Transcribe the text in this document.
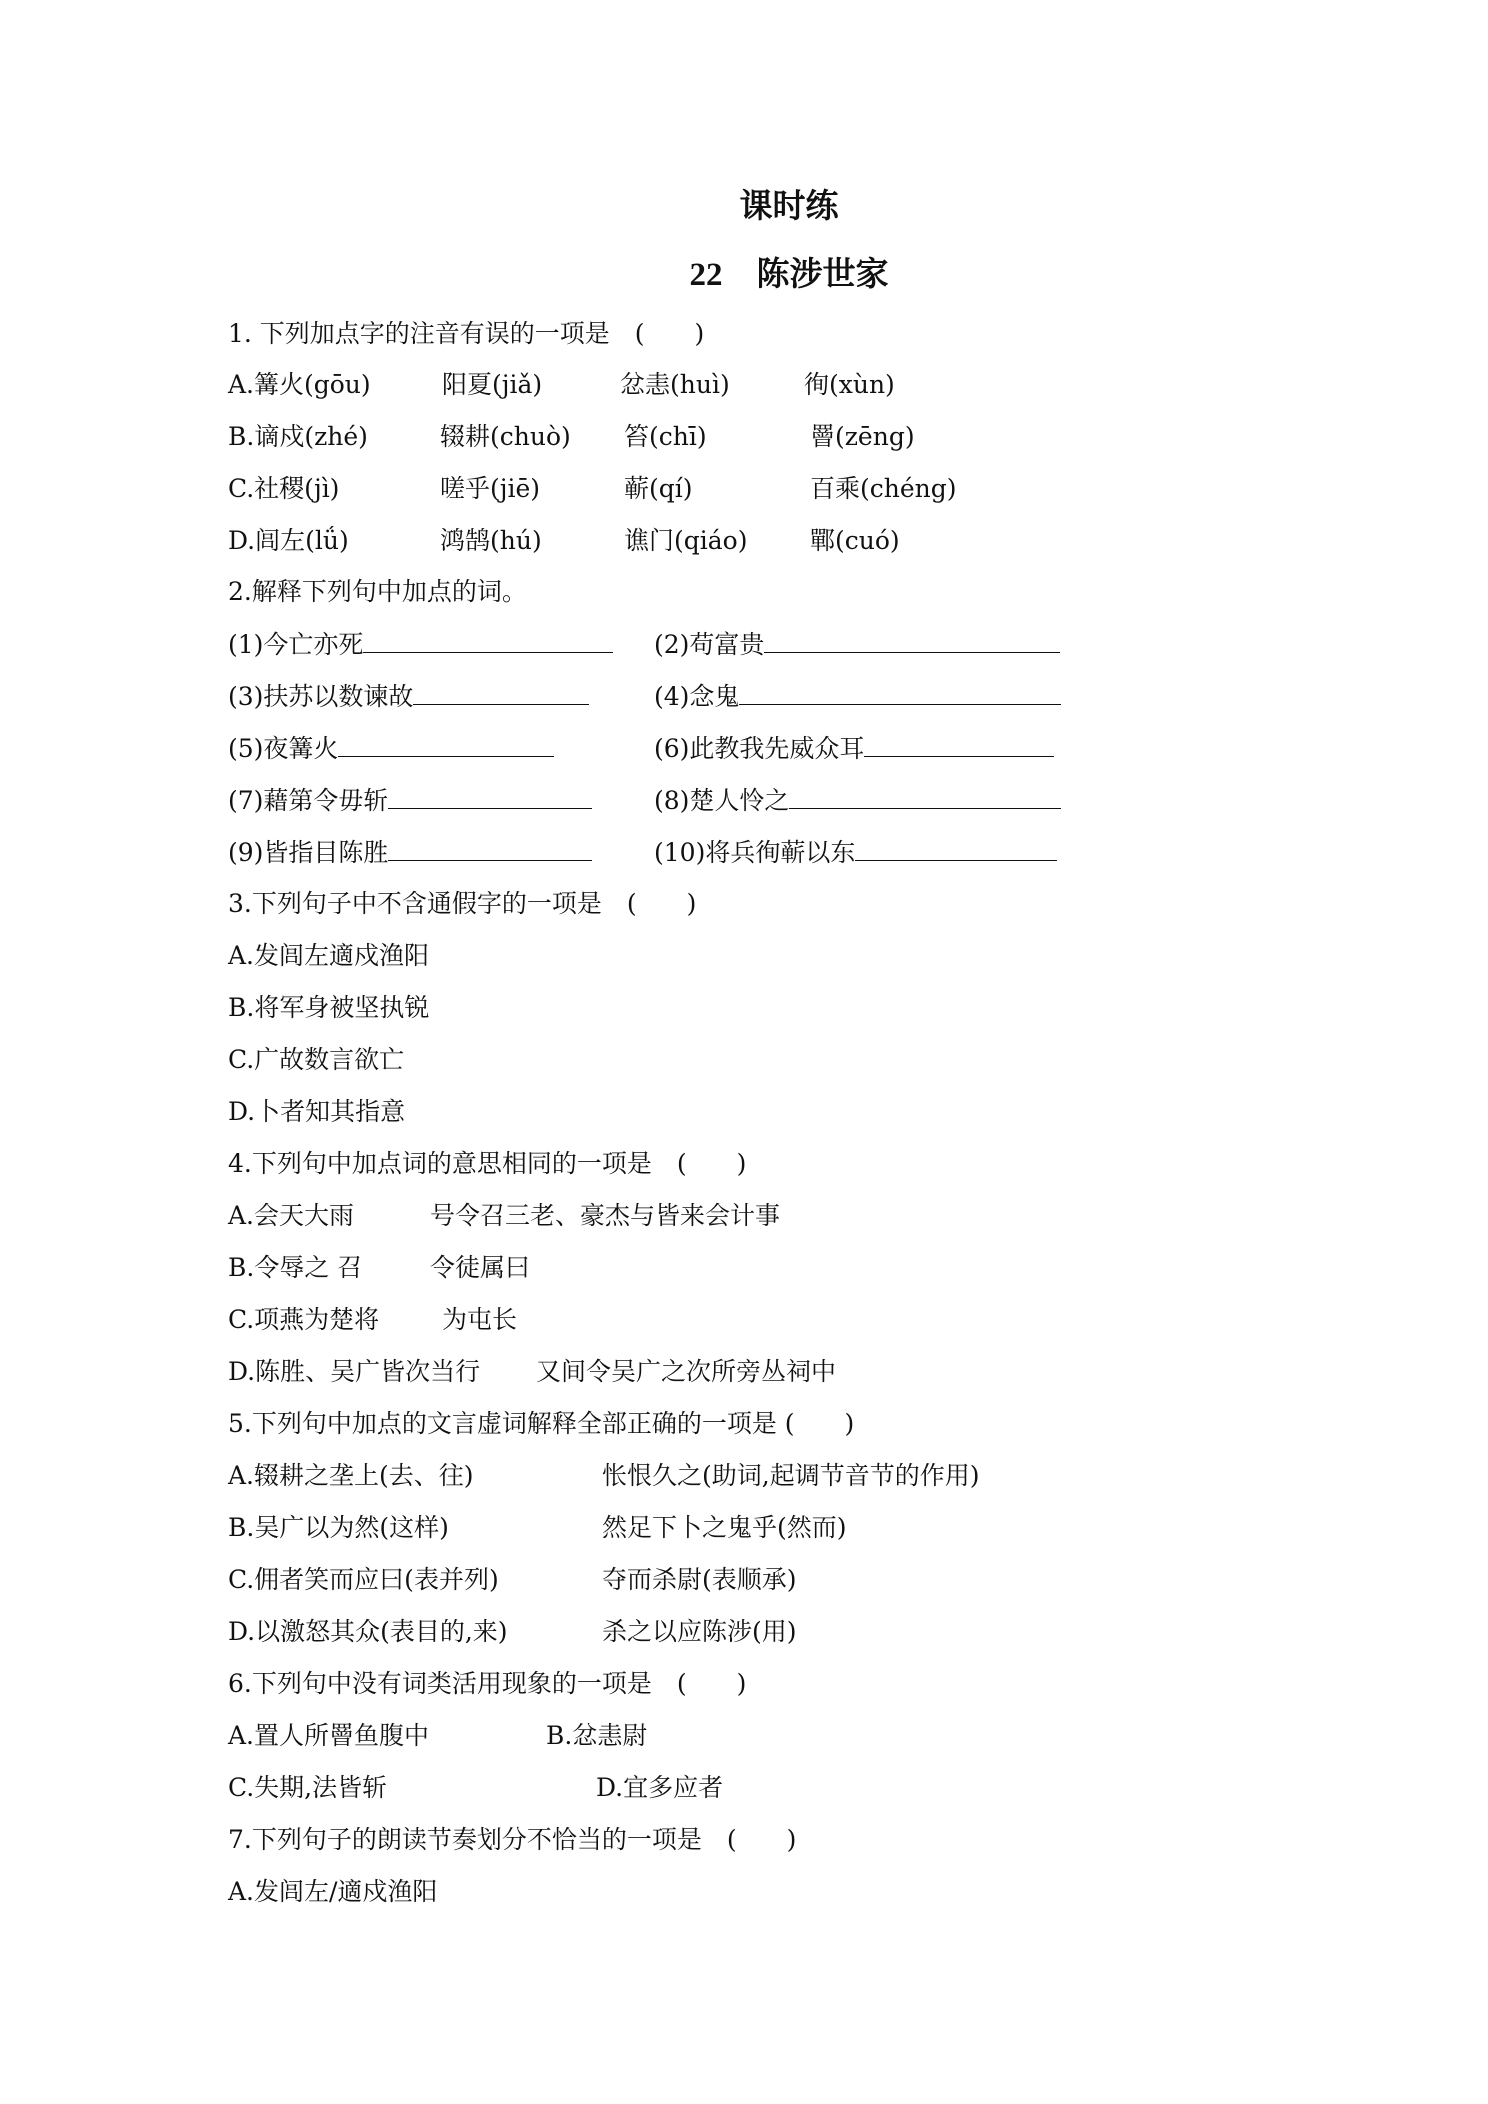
课时练
22 陈涉世家

1. 下列加点字的注音有误的一项是　(　　)

A.篝火(gōu)	阳夏(jiǎ)	忿恚(huì)	徇(xùn)
B.谪戍(zhé)	辍耕(chuò) 笞(chī)	罾(zēng)
C.社稷(jì)	嗟乎(jiē)	蕲(qí)	百乘(chéng)
D.闾左(lǘ)	鸿鹄(hú)	谯门(qiáo)	鄲(cuó)

2.解释下列句中加点的词。

(1)今亡亦死	(2)苟富贵
(3)扶苏以数谏故	(4)念鬼
(5)夜篝火	(6)此教我先威众耳
(7)藉第令毋斩	(8)楚人怜之
(9)皆指目陈胜	(10)将兵徇蕲以东

3.下列句子中不含通假字的一项是　(　　)

A.发闾左適戍渔阳

B.将军身被坚执锐

C.广故数言欲亡

D.卜者知其指意

4.下列句中加点词的意思相同的一项是　(　　)

A.会天大雨	号令召三老、豪杰与皆来会计事
B.令辱之 召	令徒属曰
C.项燕为楚将	为屯长
D.陈胜、吴广皆次当行 又间令吴广之次所旁丛祠中

5.下列句中加点的文言虚词解释全部正确的一项是 (　　)

A.辍耕之垄上(去、往)	怅恨久之(助词,起调节音节的作用)
B.吴广以为然(这样)	然足下卜之鬼乎(然而)
C.佣者笑而应曰(表并列)	夺而杀尉(表顺承)
D.以激怒其众(表目的,来)	杀之以应陈涉(用)

6.下列句中没有词类活用现象的一项是　(　　)

A.置人所罾鱼腹中	B.忿恚尉
C.失期,法皆斩	D.宜多应者

7.下列句子的朗读节奏划分不恰当的一项是　(　　)

A.发闾左/適戍渔阳
